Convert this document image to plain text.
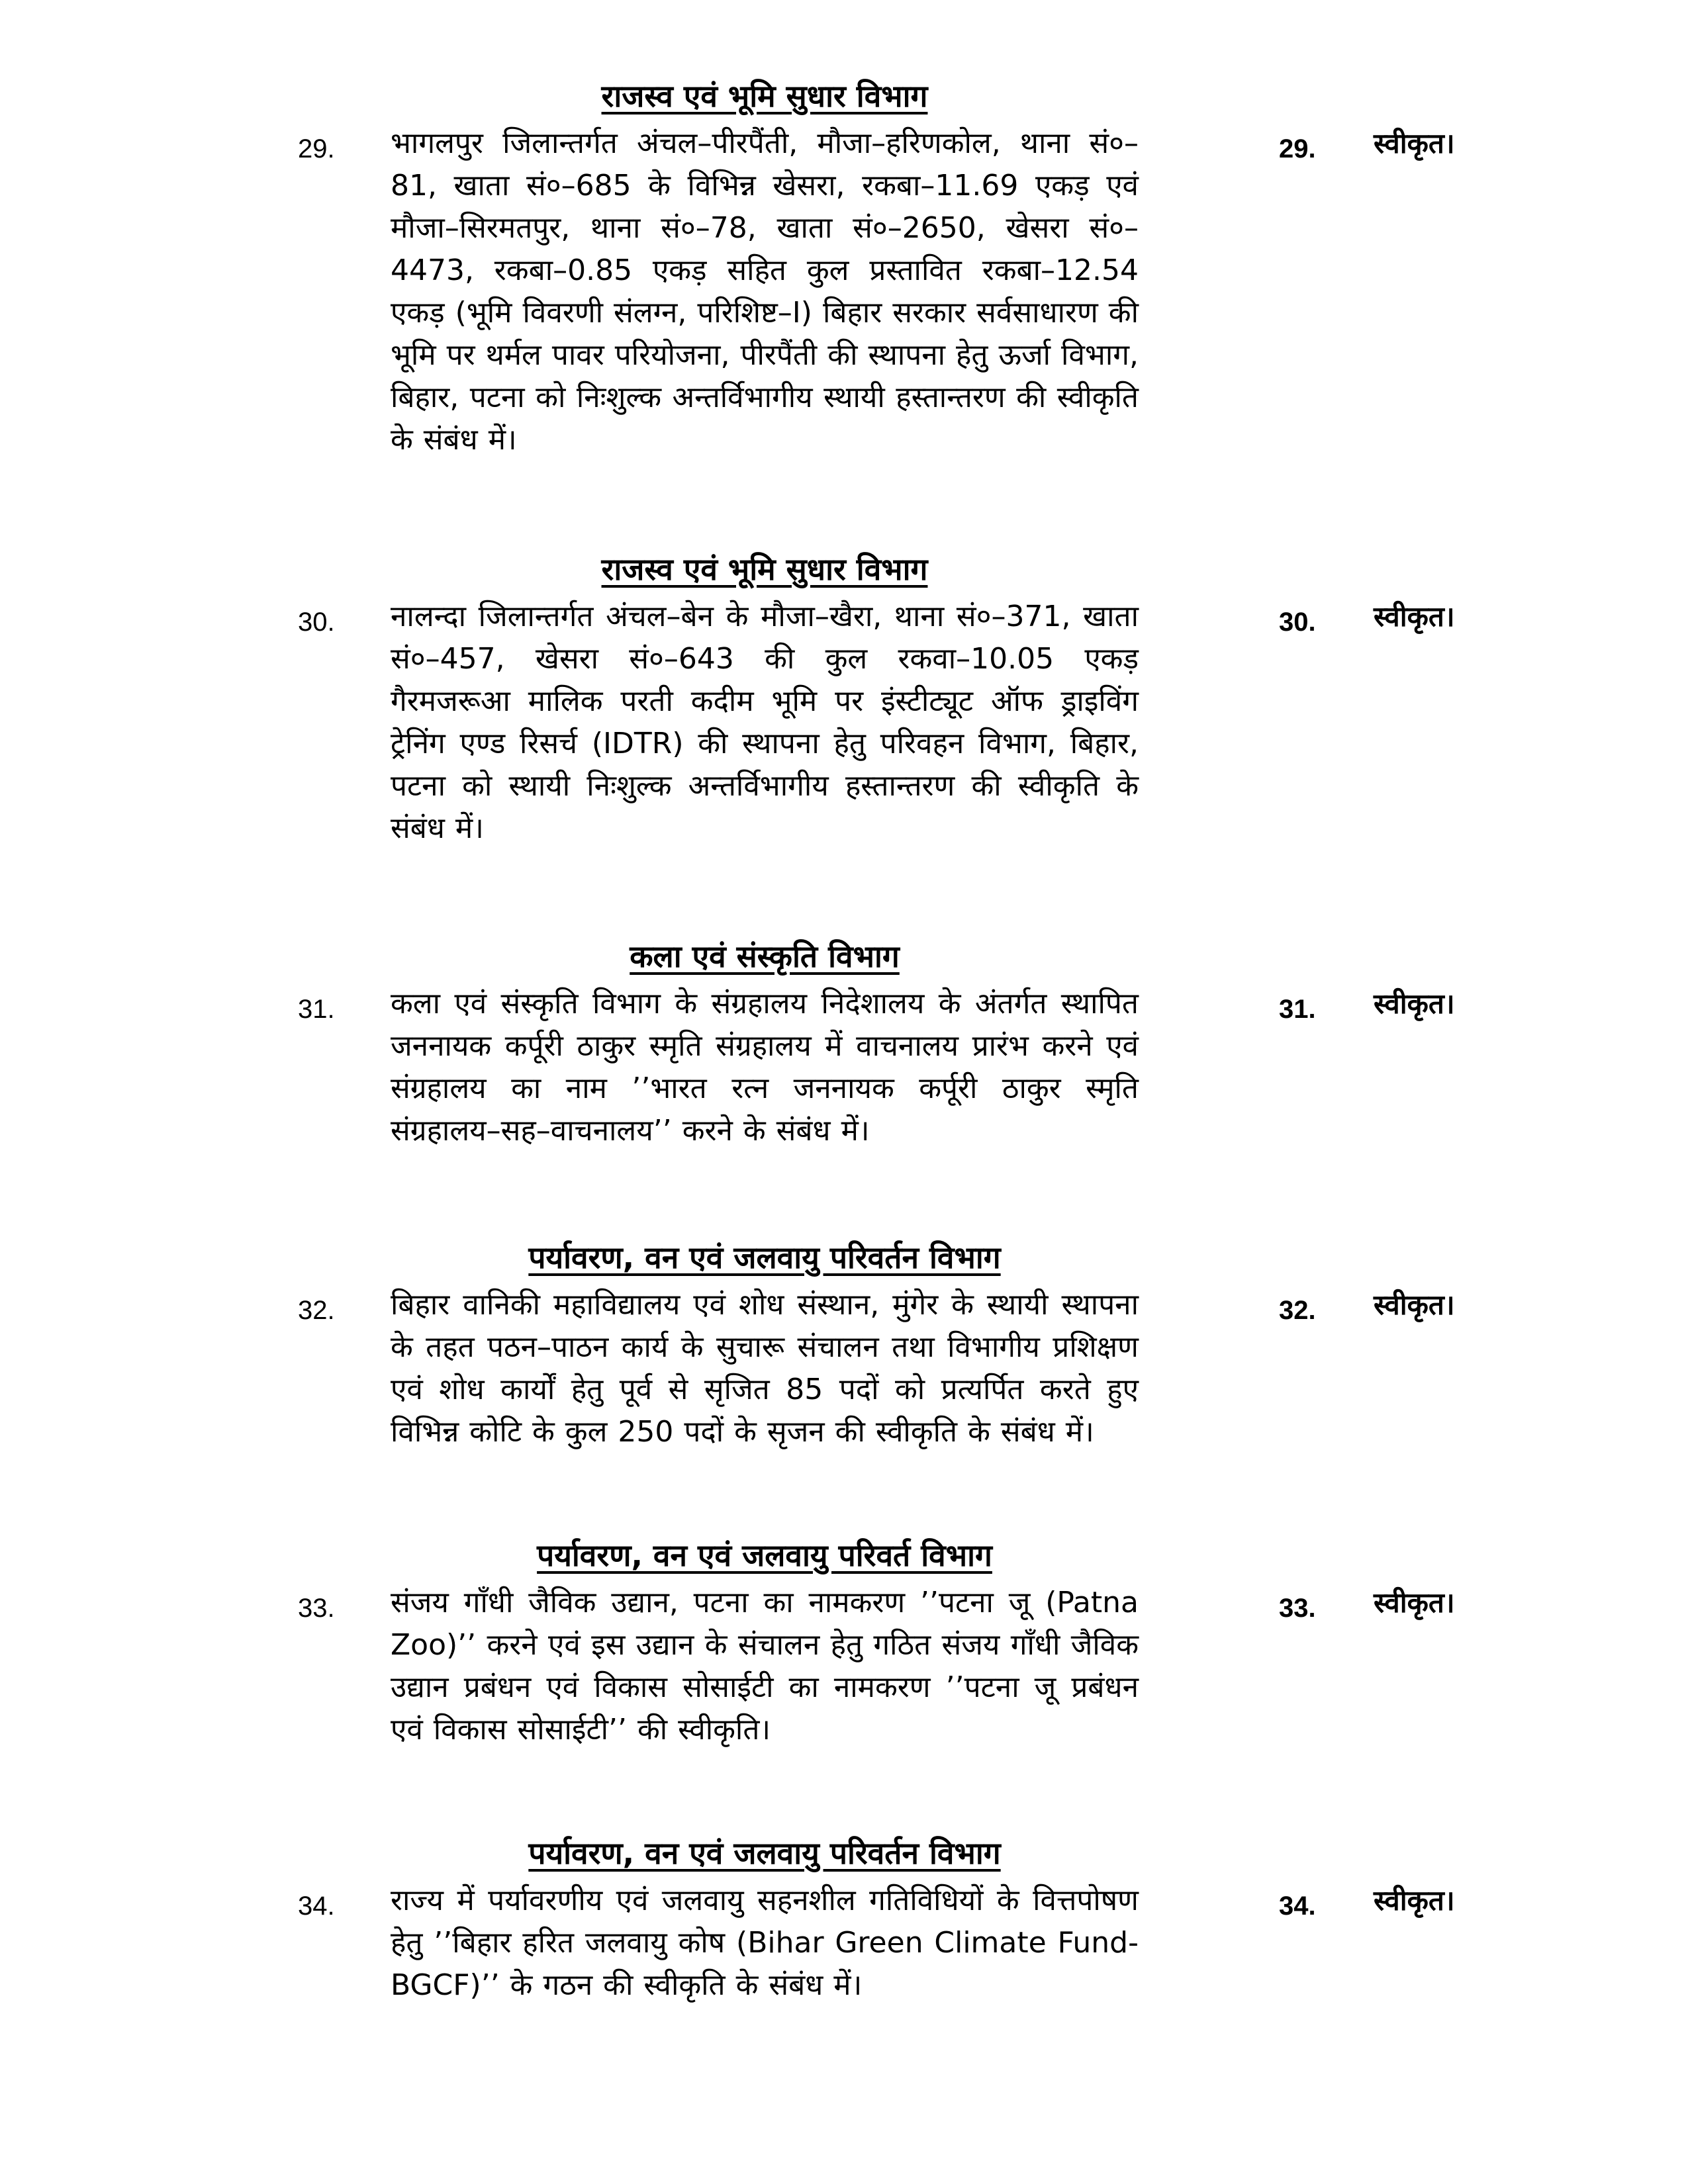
राजस्व एवं भूमि सुधार विभाग
29. भागलपुर जिलान्तर्गत अंचल–पीरपैंती, मौजा–हरिणकोल, थाना सं०–81, खाता सं०–685 के विभिन्न खेसरा, रकबा–11.69 एकड़ एवं मौजा–सिरमतपुर, थाना सं०–78, खाता सं०–2650, खेसरा सं०–4473, रकबा–0.85 एकड़ सहित कुल प्रस्तावित रकबा–12.54 एकड़ (भूमि विवरणी संलग्न, परिशिष्ट–I) बिहार सरकार सर्वसाधारण की भूमि पर थर्मल पावर परियोजना, पीरपैंती की स्थापना हेतु ऊर्जा विभाग, बिहार, पटना को निःशुल्क अन्तर्विभागीय स्थायी हस्तान्तरण की स्वीकृति के संबंध में।
29. स्वीकृत।
राजस्व एवं भूमि सुधार विभाग
30. नालन्दा जिलान्तर्गत अंचल–बेन के मौजा–खैरा, थाना सं०–371, खाता सं०–457, खेसरा सं०–643 की कुल रकवा–10.05 एकड़ गैरमजरूआ मालिक परती कदीम भूमि पर इंस्टीट्यूट ऑफ ड्राइविंग ट्रेनिंग एण्ड रिसर्च (IDTR) की स्थापना हेतु परिवहन विभाग, बिहार, पटना को स्थायी निःशुल्क अन्तर्विभागीय हस्तान्तरण की स्वीकृति के संबंध में।
30. स्वीकृत।
कला एवं संस्कृति विभाग
31. कला एवं संस्कृति विभाग के संग्रहालय निदेशालय के अंतर्गत स्थापित जननायक कर्पूरी ठाकुर स्मृति संग्रहालय में वाचनालय प्रारंभ करने एवं संग्रहालय का नाम ’’भारत रत्न जननायक कर्पूरी ठाकुर स्मृति संग्रहालय–सह–वाचनालय’’ करने के संबंध में।
31. स्वीकृत।
पर्यावरण, वन एवं जलवायु परिवर्तन विभाग
32. बिहार वानिकी महाविद्यालय एवं शोध संस्थान, मुंगेर के स्थायी स्थापना के तहत पठन–पाठन कार्य के सुचारू संचालन तथा विभागीय प्रशिक्षण एवं शोध कार्यों हेतु पूर्व से सृजित 85 पदों को प्रत्यर्पित करते हुए विभिन्न कोटि के कुल 250 पदों के सृजन की स्वीकृति के संबंध में।
32. स्वीकृत।
पर्यावरण, वन एवं जलवायु परिवर्त विभाग
33. संजय गाँधी जैविक उद्यान, पटना का नामकरण ’’पटना जू (Patna Zoo)’’ करने एवं इस उद्यान के संचालन हेतु गठित संजय गाँधी जैविक उद्यान प्रबंधन एवं विकास सोसाईटी का नामकरण ’’पटना जू प्रबंधन एवं विकास सोसाईटी’’ की स्वीकृति।
33. स्वीकृत।
पर्यावरण, वन एवं जलवायु परिवर्तन विभाग
34. राज्य में पर्यावरणीय एवं जलवायु सहनशील गतिविधियों के वित्तपोषण हेतु ’’बिहार हरित जलवायु कोष (Bihar Green Climate Fund-BGCF)’’ के गठन की स्वीकृति के संबंध में।
34. स्वीकृत।
